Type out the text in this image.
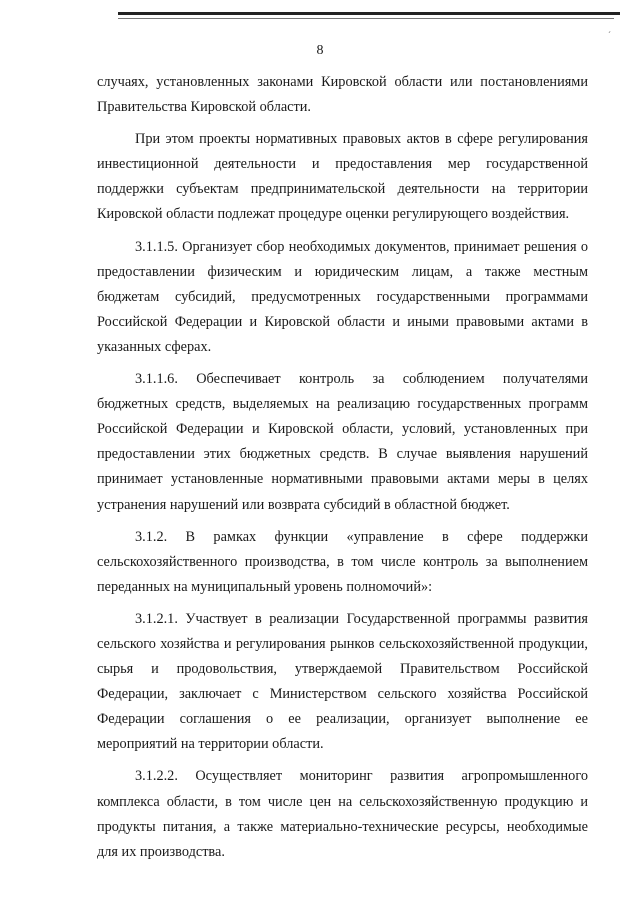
´
8

случаях, установленных законами Кировской области или постановлениями Правительства Кировской области.

При этом проекты нормативных правовых актов в сфере регулирования инвестиционной деятельности и предоставления мер государственной поддержки субъектам предпринимательской деятельности на территории Кировской области подлежат процедуре оценки регулирующего воздействия.

3.1.1.5. Организует сбор необходимых документов, принимает решения о предоставлении физическим и юридическим лицам, а также местным бюджетам субсидий, предусмотренных государственными программами Российской Федерации и Кировской области и иными правовыми актами в указанных сферах.

3.1.1.6. Обеспечивает контроль за соблюдением получателями бюджетных средств, выделяемых на реализацию государственных программ Российской Федерации и Кировской области, условий, установленных при предоставлении этих бюджетных средств. В случае выявления нарушений принимает установленные нормативными правовыми актами меры в целях устранения нарушений или возврата субсидий в областной бюджет.

3.1.2. В рамках функции «управление в сфере поддержки сельскохозяйственного производства, в том числе контроль за выполнением переданных на муниципальный уровень полномочий»:

3.1.2.1. Участвует в реализации Государственной программы развития сельского хозяйства и регулирования рынков сельскохозяйственной продукции, сырья и продовольствия, утверждаемой Правительством Российской Федерации, заключает с Министерством сельского хозяйства Российской Федерации соглашения о ее реализации, организует выполнение ее мероприятий на территории области.

3.1.2.2. Осуществляет мониторинг развития агропромышленного комплекса области, в том числе цен на сельскохозяйственную продукцию и продукты питания, а также материально-технические ресурсы, необходимые для их производства.
